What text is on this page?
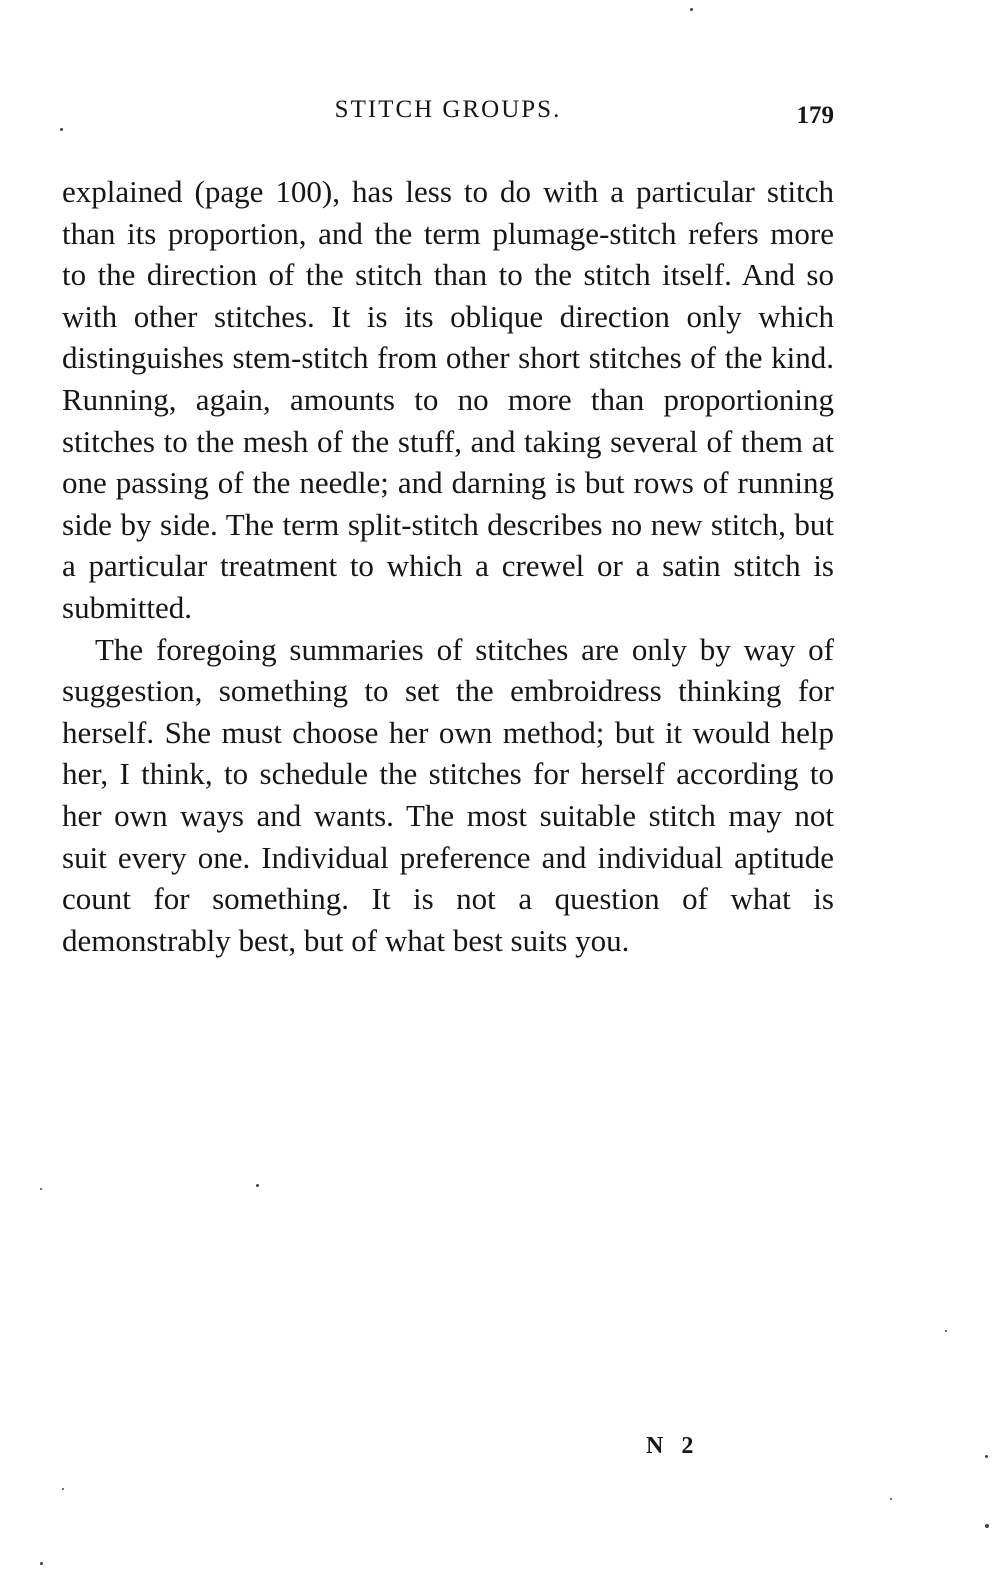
STITCH GROUPS.	179

explained (page 100), has less to do with a particular stitch than its proportion, and the term plumage-stitch refers more to the direction of the stitch than to the stitch itself. And so with other stitches. It is its oblique direction only which distinguishes stem-stitch from other short stitches of the kind. Running, again, amounts to no more than proportioning stitches to the mesh of the stuff, and taking several of them at one passing of the needle; and darning is but rows of running side by side. The term split-stitch describes no new stitch, but a particular treatment to which a crewel or a satin stitch is submitted.

The foregoing summaries of stitches are only by way of suggestion, something to set the embroidress thinking for herself. She must choose her own method; but it would help her, I think, to schedule the stitches for herself according to her own ways and wants. The most suitable stitch may not suit every one. Individual preference and individual aptitude count for something. It is not a question of what is demonstrably best, but of what best suits you.

N 2
